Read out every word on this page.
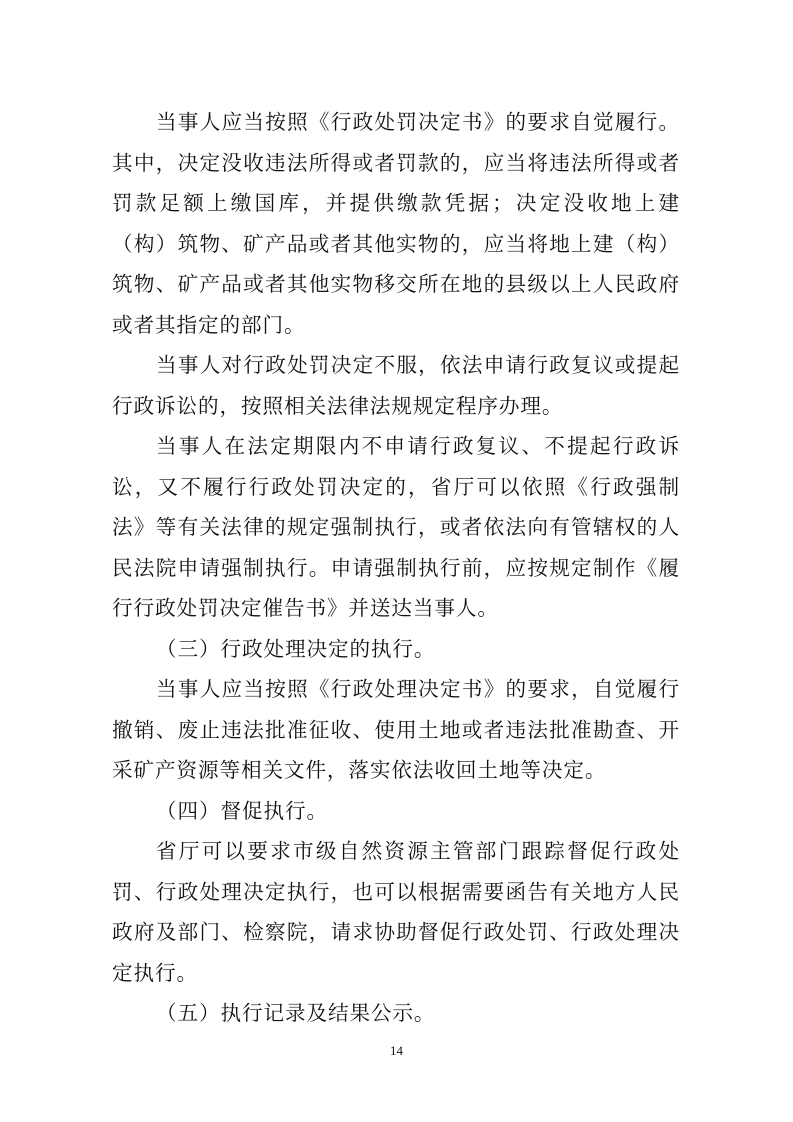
当事人应当按照《行政处罚决定书》的要求自觉履行。其中，决定没收违法所得或者罚款的，应当将违法所得或者罚款足额上缴国库，并提供缴款凭据；决定没收地上建（构）筑物、矿产品或者其他实物的，应当将地上建（构）筑物、矿产品或者其他实物移交所在地的县级以上人民政府或者其指定的部门。

当事人对行政处罚决定不服，依法申请行政复议或提起行政诉讼的，按照相关法律法规规定程序办理。

当事人在法定期限内不申请行政复议、不提起行政诉讼，又不履行行政处罚决定的，省厅可以依照《行政强制法》等有关法律的规定强制执行，或者依法向有管辖权的人民法院申请强制执行。申请强制执行前，应按规定制作《履行行政处罚决定催告书》并送达当事人。

（三）行政处理决定的执行。

当事人应当按照《行政处理决定书》的要求，自觉履行撤销、废止违法批准征收、使用土地或者违法批准勘查、开采矿产资源等相关文件，落实依法收回土地等决定。

（四）督促执行。

省厅可以要求市级自然资源主管部门跟踪督促行政处罚、行政处理决定执行，也可以根据需要函告有关地方人民政府及部门、检察院，请求协助督促行政处罚、行政处理决定执行。

（五）执行记录及结果公示。

14
